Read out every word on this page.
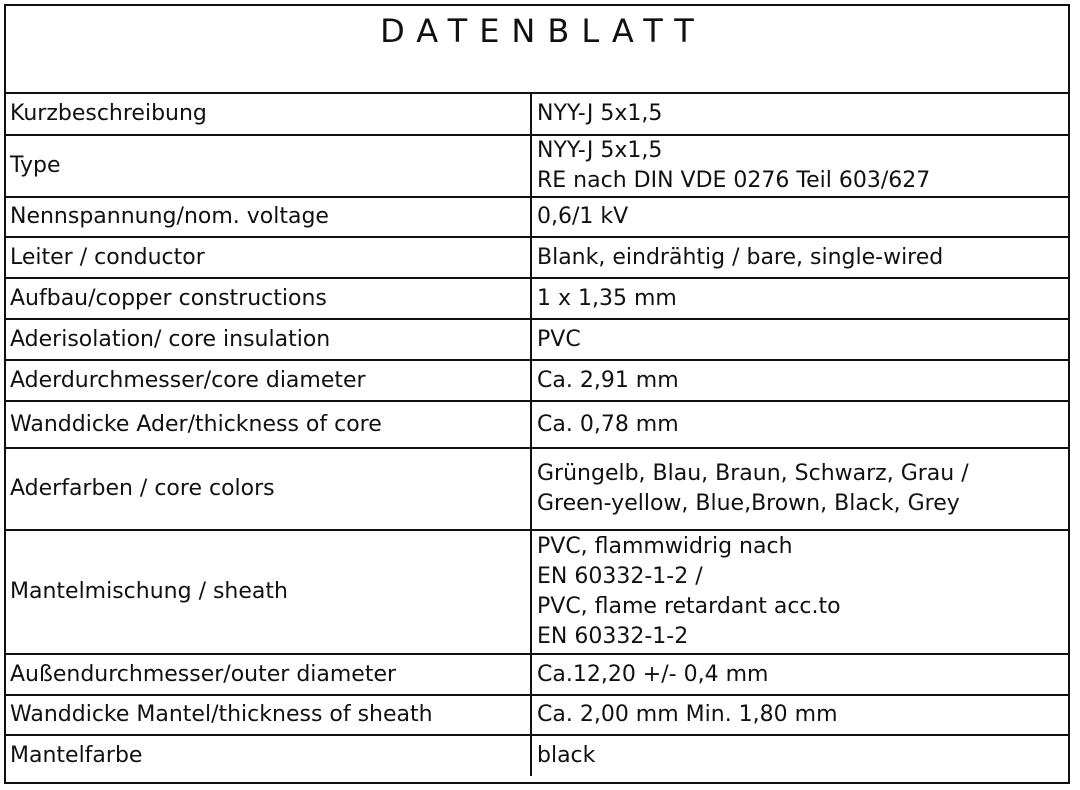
DATENBLATT
Kurzbeschreibung	NYY-J 5x1,5

Type	NYY-J 5x1,5
RE nach DIN VDE 0276 Teil 603/627

Nennspannung/nom. voltage	0,6/1 kV

Leiter / conductor	Blank, eindrähtig / bare, single-wired

Aufbau/copper constructions	1 x 1,35 mm

Aderisolation/ core insulation	PVC

Aderdurchmesser/core diameter	Ca. 2,91 mm

Wanddicke Ader/thickness of core	Ca. 0,78 mm

Aderfarben / core colors	Grüngelb, Blau, Braun, Schwarz, Grau /
Green-yellow, Blue,Brown, Black, Grey

Mantelmischung / sheath	PVC, flammwidrig nach
EN 60332-1-2 /
PVC, flame retardant acc.to
EN 60332-1-2

Außendurchmesser/outer diameter	Ca.12,20 +/- 0,4 mm

Wanddicke Mantel/thickness of sheath	Ca. 2,00 mm Min. 1,80 mm

Mantelfarbe	black
